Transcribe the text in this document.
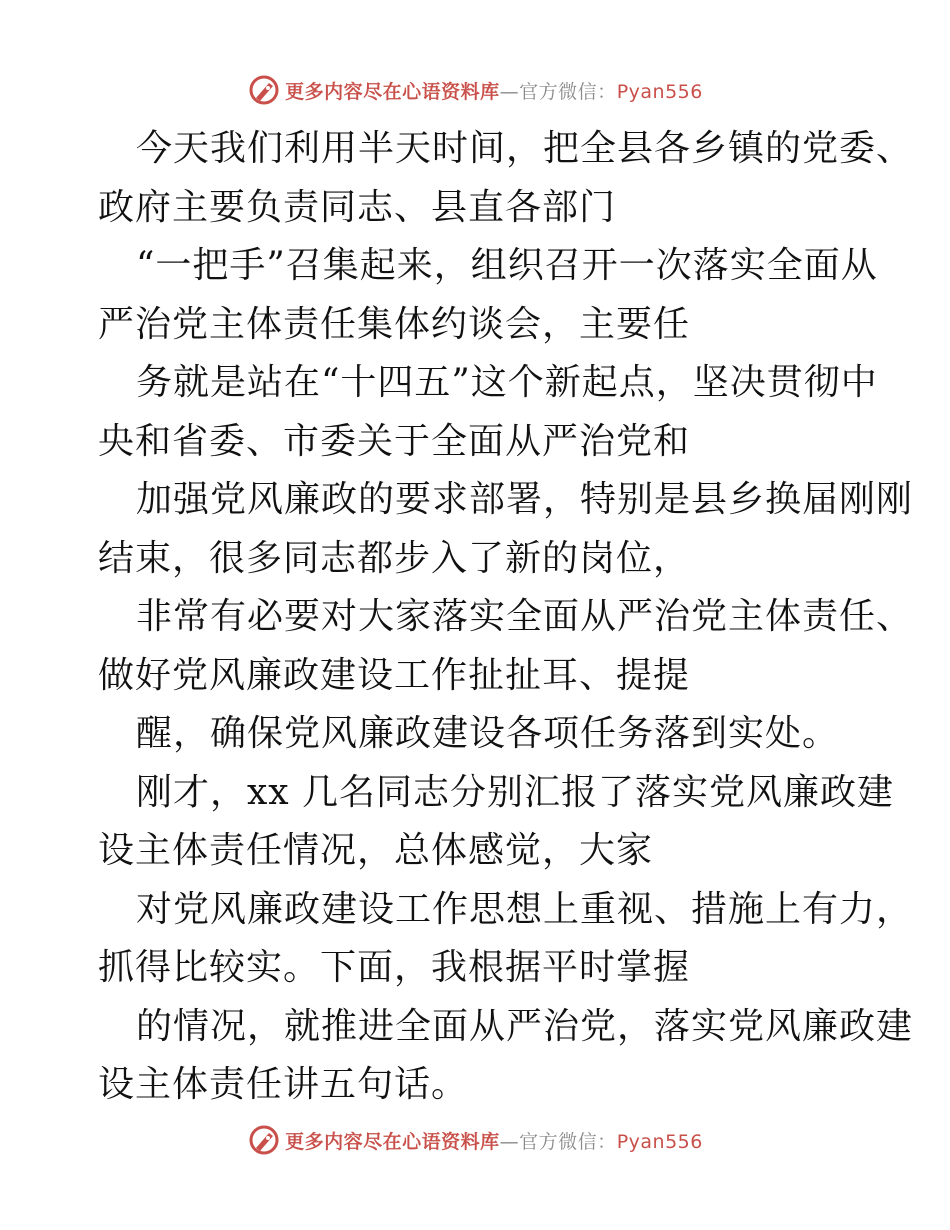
更多内容尽在心语资料库—官方微信：Pyan556
今天我们利用半天时间，把全县各乡镇的党委、
政府主要负责同志、县直各部门
“一把手”召集起来，组织召开一次落实全面从
严治党主体责任集体约谈会，主要任
务就是站在“十四五”这个新起点，坚决贯彻中
央和省委、市委关于全面从严治党和
加强党风廉政的要求部署，特别是县乡换届刚刚
结束，很多同志都步入了新的岗位，
非常有必要对大家落实全面从严治党主体责任、
做好党风廉政建设工作扯扯耳、提提
醒，确保党风廉政建设各项任务落到实处。
刚才，xx 几名同志分别汇报了落实党风廉政建
设主体责任情况，总体感觉，大家
对党风廉政建设工作思想上重视、措施上有力，
抓得比较实。下面，我根据平时掌握
的情况，就推进全面从严治党，落实党风廉政建
设主体责任讲五句话。
更多内容尽在心语资料库—官方微信：Pyan556
